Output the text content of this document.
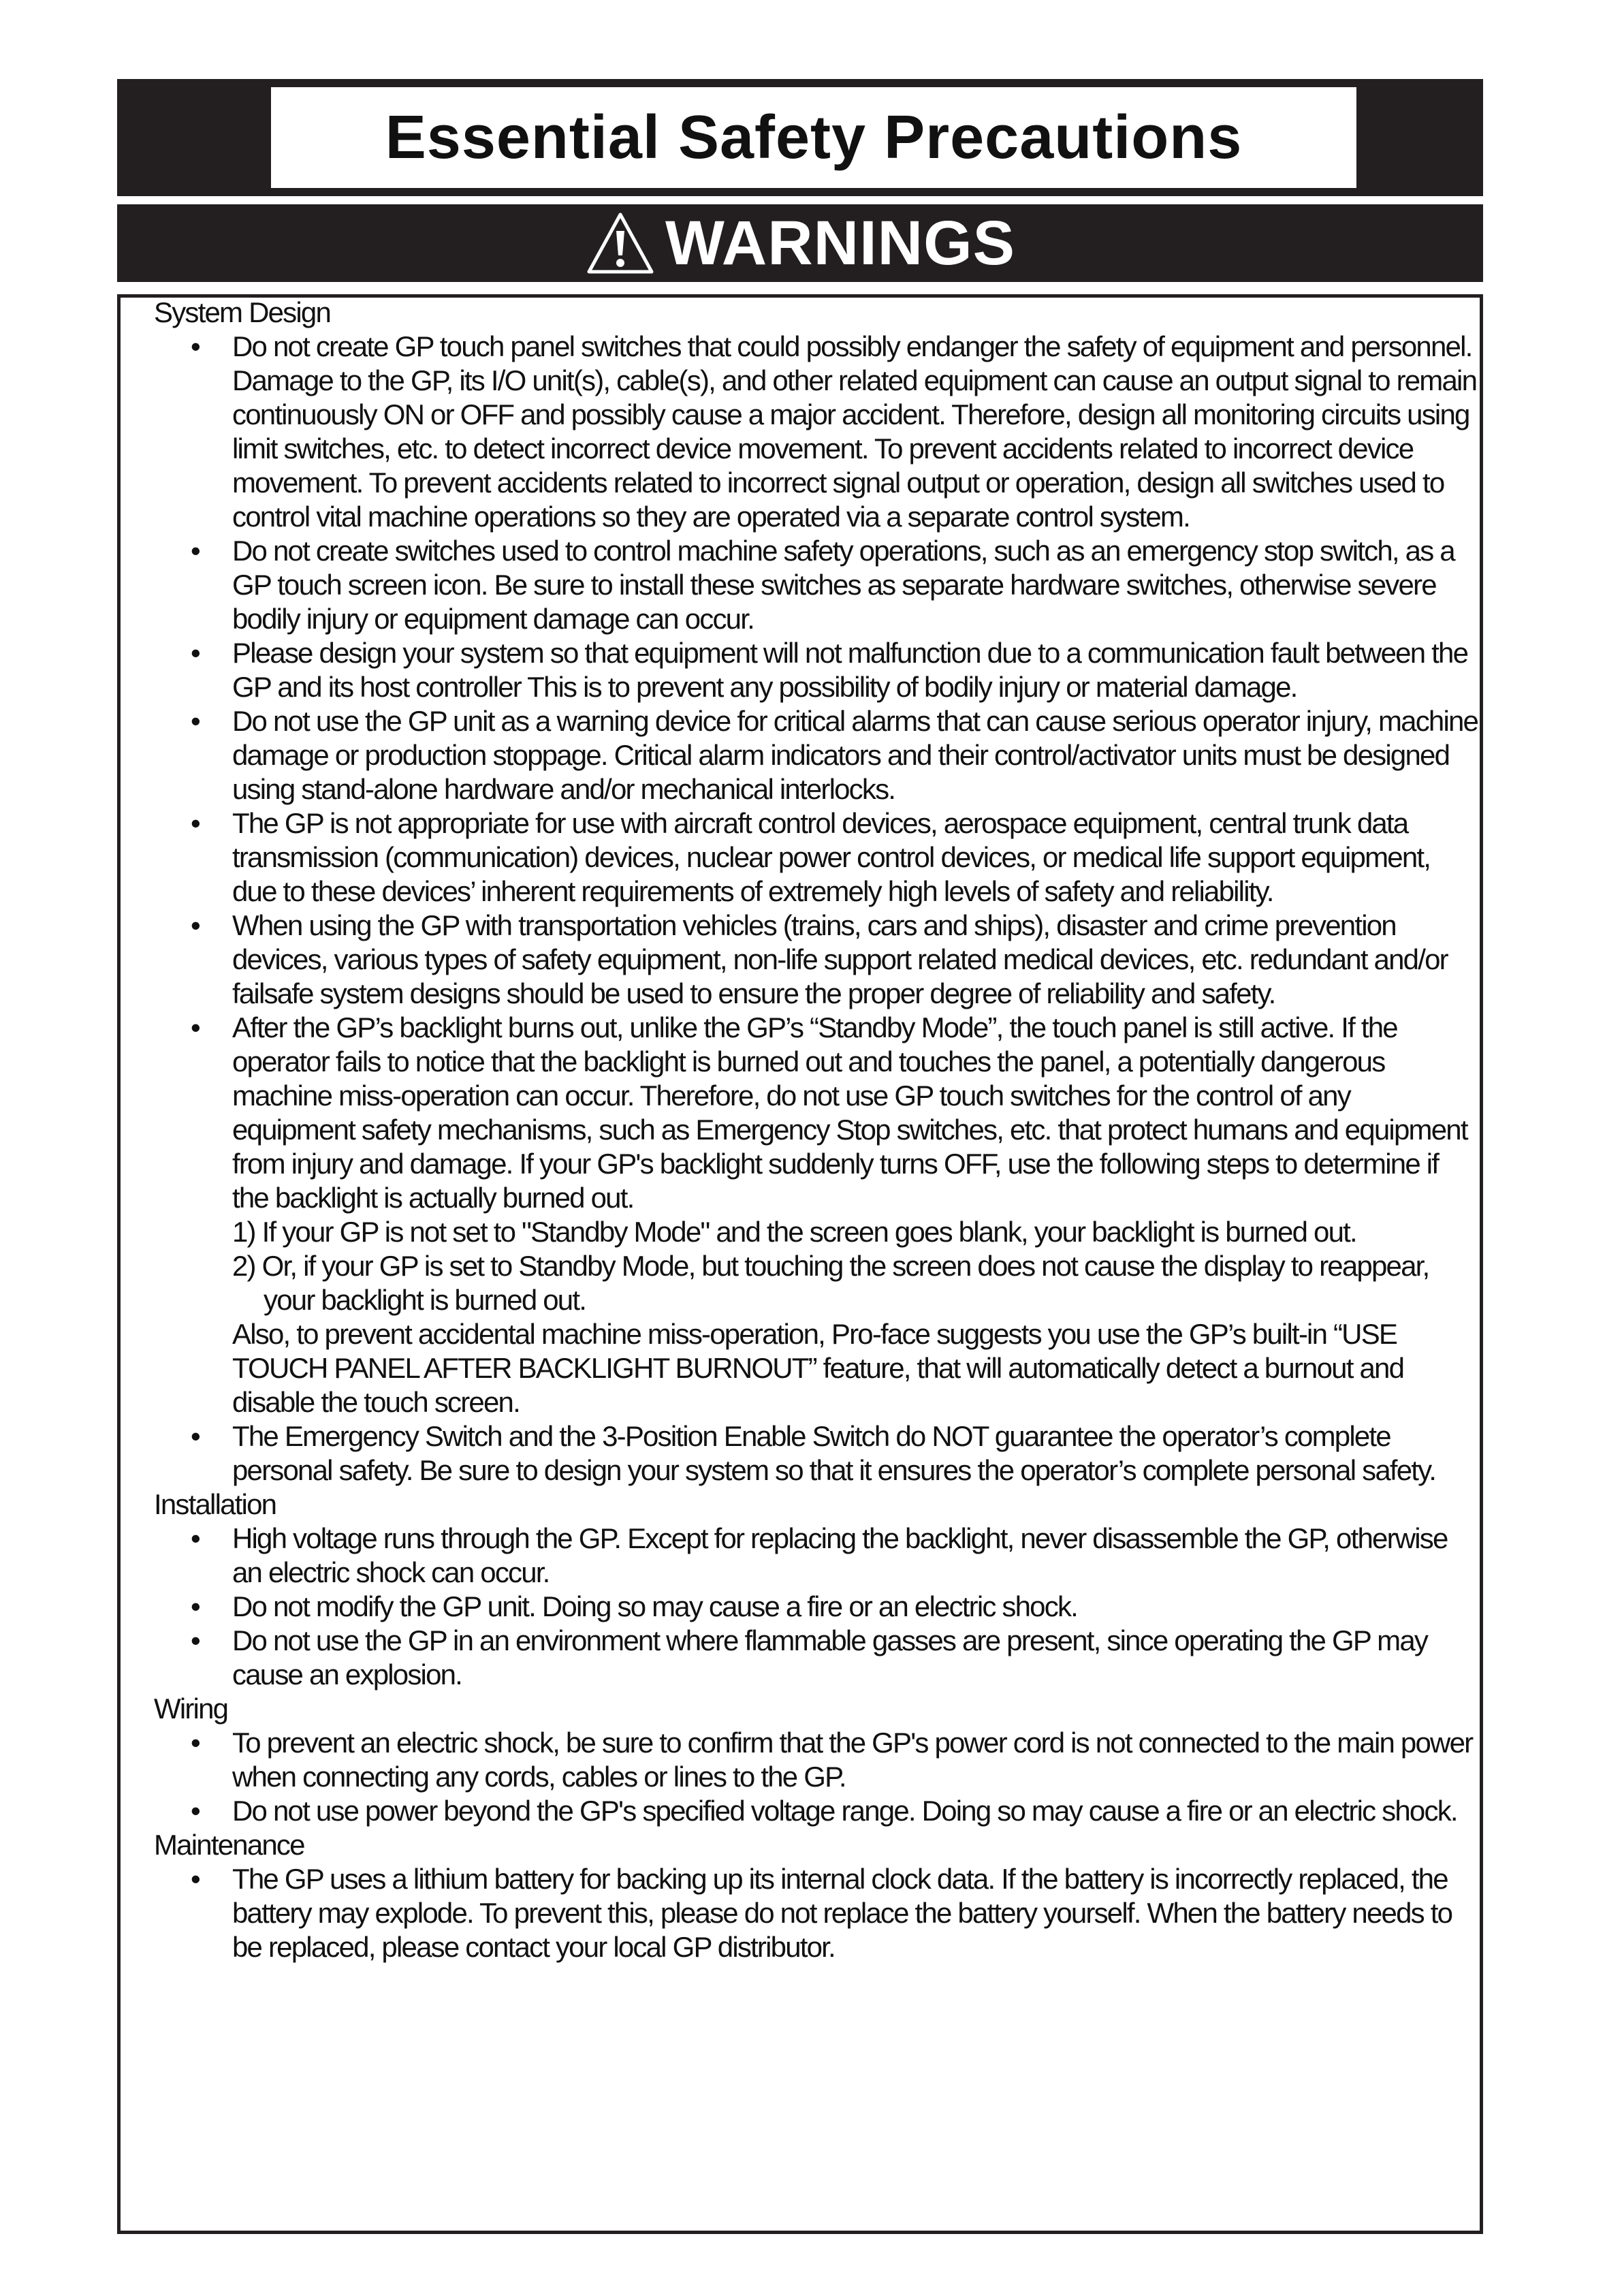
Essential Safety Precautions
WARNINGS
System Design
• Do not create GP touch panel switches that could possibly endanger the safety of equipment and personnel. Damage to the GP, its I/O unit(s), cable(s), and other related equipment can cause an output signal to remain continuously ON or OFF and possibly cause a major accident. Therefore, design all monitoring circuits using limit switches, etc. to detect incorrect device movement. To prevent accidents related to incorrect device movement. To prevent accidents related to incorrect signal output or operation, design all switches used to control vital machine operations so they are operated via a separate control system.
• Do not create switches used to control machine safety operations, such as an emergency stop switch, as a GP touch screen icon. Be sure to install these switches as separate hardware switches, otherwise severe bodily injury or equipment damage can occur.
• Please design your system so that equipment will not malfunction due to a communication fault between the GP and its host controller This is to prevent any possibility of bodily injury or material damage.
• Do not use the GP unit as a warning device for critical alarms that can cause serious operator injury, machine damage or production stoppage. Critical alarm indicators and their control/activator units must be designed using stand-alone hardware and/or mechanical interlocks.
• The GP is not appropriate for use with aircraft control devices, aerospace equipment, central trunk data transmission (communication) devices, nuclear power control devices, or medical life support equipment, due to these devices’ inherent requirements of extremely high levels of safety and reliability.
• When using the GP with transportation vehicles (trains, cars and ships), disaster and crime prevention devices, various types of safety equipment, non-life support related medical devices, etc. redundant and/or failsafe system designs should be used to ensure the proper degree of reliability and safety.
• After the GP’s backlight burns out, unlike the GP’s “Standby Mode”, the touch panel is still active. If the operator fails to notice that the backlight is burned out and touches the panel, a potentially dangerous machine miss-operation can occur. Therefore, do not use GP touch switches for the control of any equipment safety mechanisms, such as Emergency Stop switches, etc. that protect humans and equipment from injury and damage. If your GP's backlight suddenly turns OFF, use the following steps to determine if the backlight is actually burned out.
1) If your GP is not set to "Standby Mode" and the screen goes blank, your backlight is burned out.
2) Or, if your GP is set to Standby Mode, but touching the screen does not cause the display to reappear, your backlight is burned out.
Also, to prevent accidental machine miss-operation, Pro-face suggests you use the GP’s built-in “USE TOUCH PANEL AFTER BACKLIGHT BURNOUT” feature, that will automatically detect a burnout and disable the touch screen.
• The Emergency Switch and the 3-Position Enable Switch do NOT guarantee the operator’s complete personal safety. Be sure to design your system so that it ensures the operator’s complete personal safety.
Installation
• High voltage runs through the GP. Except for replacing the backlight, never disassemble the GP, otherwise an electric shock can occur.
• Do not modify the GP unit. Doing so may cause a fire or an electric shock.
• Do not use the GP in an environment where flammable gasses are present, since operating the GP may cause an explosion.
Wiring
• To prevent an electric shock, be sure to confirm that the GP's power cord is not connected to the main power when connecting any cords, cables or lines to the GP.
• Do not use power beyond the GP's specified voltage range. Doing so may cause a fire or an electric shock.
Maintenance
• The GP uses a lithium battery for backing up its internal clock data. If the battery is incorrectly replaced, the battery may explode. To prevent this, please do not replace the battery yourself. When the battery needs to be replaced, please contact your local GP distributor.
